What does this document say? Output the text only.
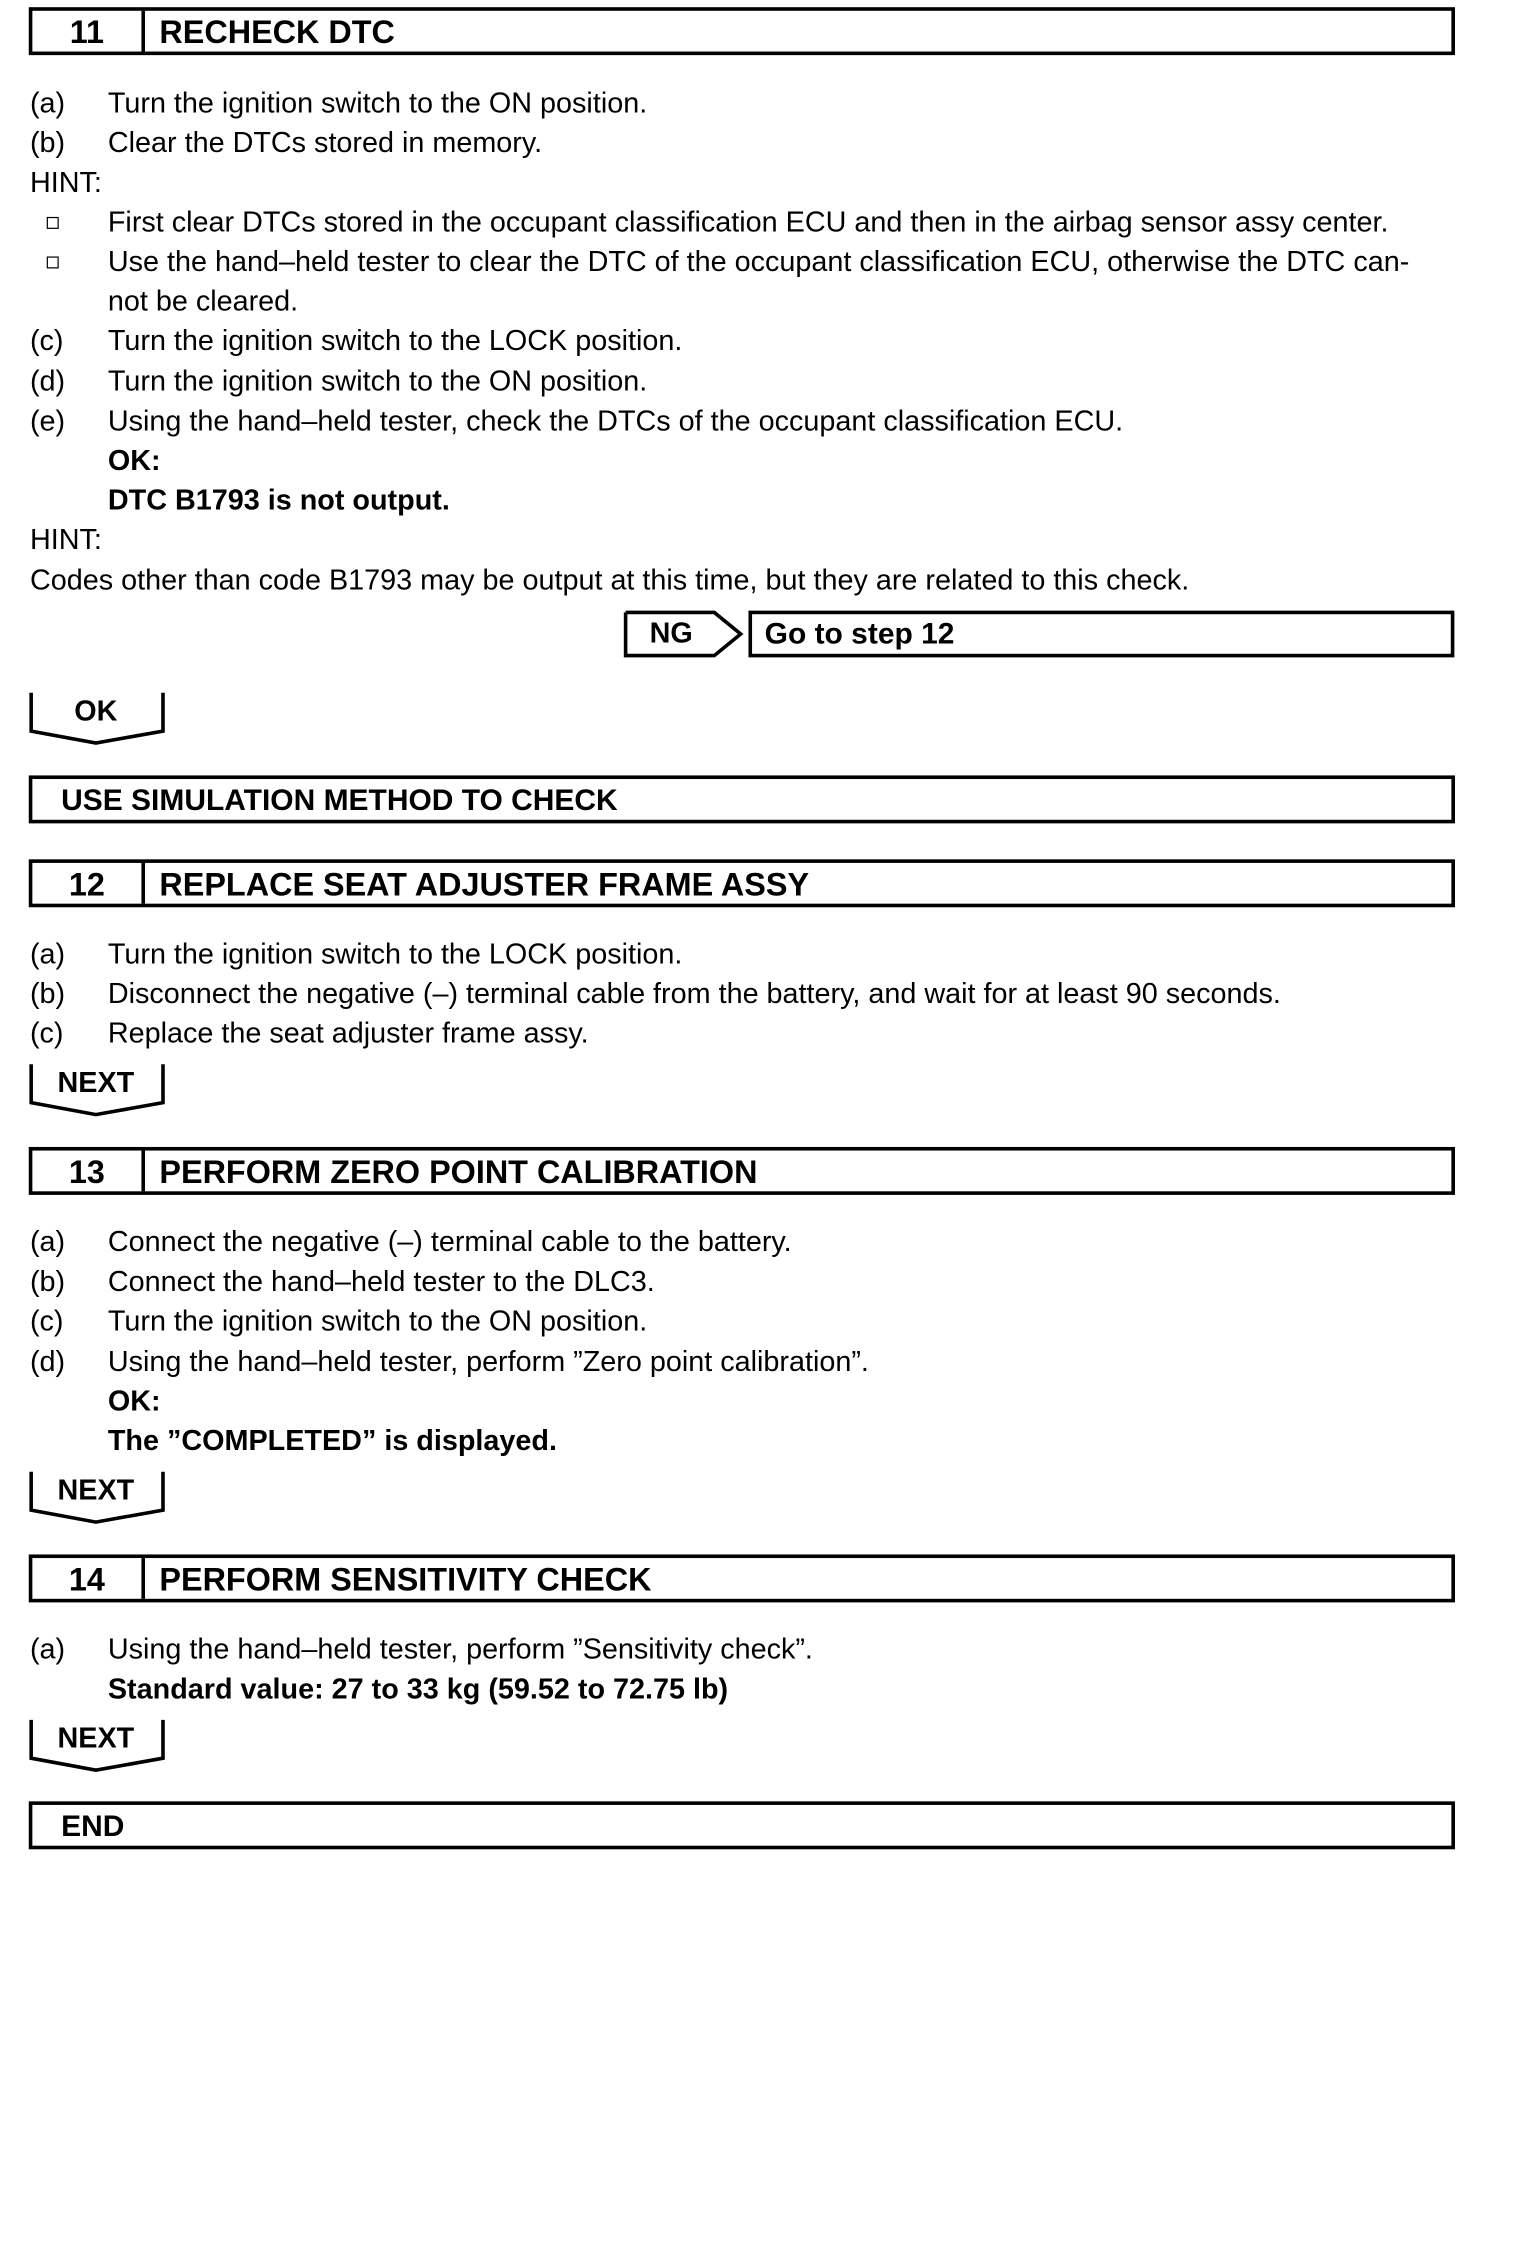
11	RECHECK DTC
(a) Turn the ignition switch to the ON position.
(b) Clear the DTCs stored in memory.
HINT:
First clear DTCs stored in the occupant classification ECU and then in the airbag sensor assy center.
Use the hand–held tester to clear the DTC of the occupant classification ECU, otherwise the DTC can-
not be cleared.
(c) Turn the ignition switch to the LOCK position.
(d) Turn the ignition switch to the ON position.
(e) Using the hand–held tester, check the DTCs of the occupant classification ECU.
OK:
DTC B1793 is not output.
HINT:
Codes other than code B1793 may be output at this time, but they are related to this check.
NG	Go to step 12
OK
USE SIMULATION METHOD TO CHECK
12	REPLACE SEAT ADJUSTER FRAME ASSY
(a) Turn the ignition switch to the LOCK position.
(b) Disconnect the negative (–) terminal cable from the battery, and wait for at least 90 seconds.
(c) Replace the seat adjuster frame assy.
NEXT
13	PERFORM ZERO POINT CALIBRATION
(a) Connect the negative (–) terminal cable to the battery.
(b) Connect the hand–held tester to the DLC3.
(c) Turn the ignition switch to the ON position.
(d) Using the hand–held tester, perform ”Zero point calibration”.
OK:
The ”COMPLETED” is displayed.
NEXT
14	PERFORM SENSITIVITY CHECK
(a) Using the hand–held tester, perform ”Sensitivity check”.
Standard value: 27 to 33 kg (59.52 to 72.75 lb)
NEXT
END
